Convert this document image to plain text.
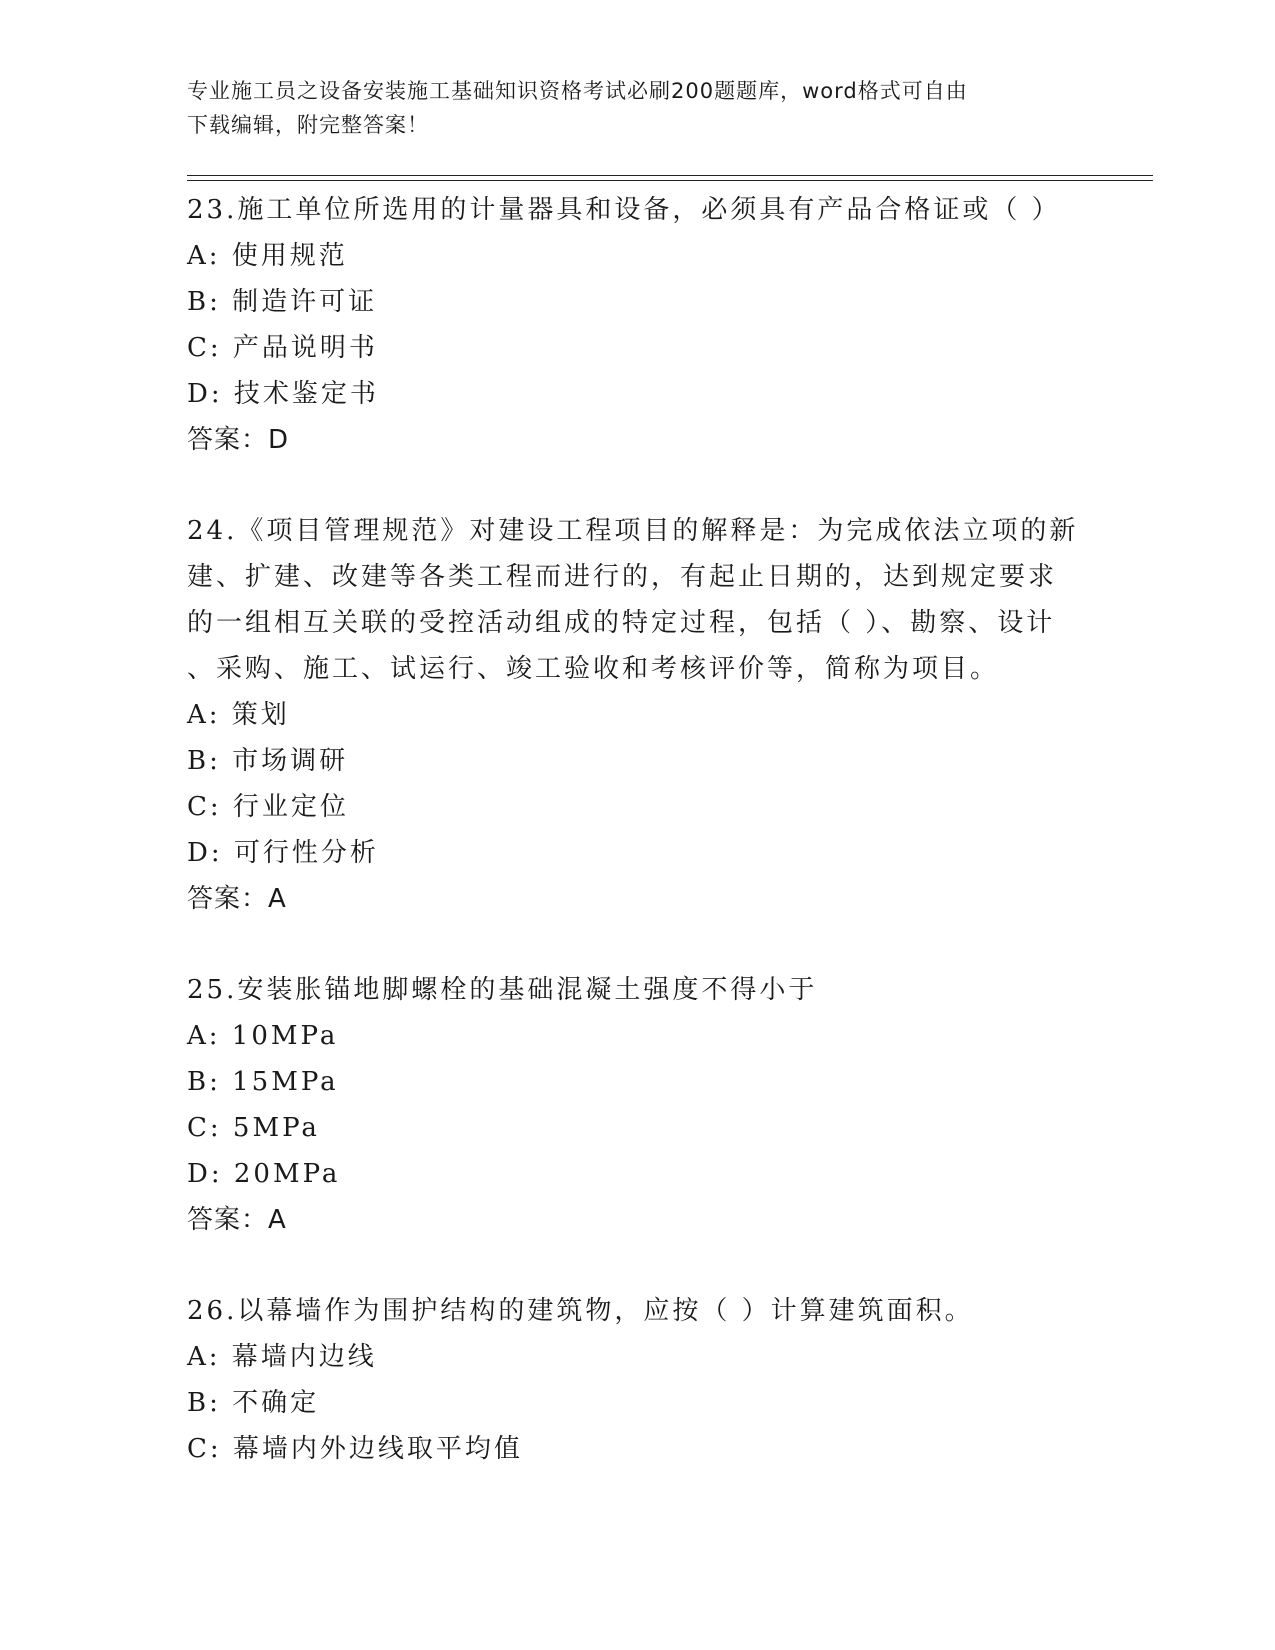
专业施工员之设备安装施工基础知识资格考试必刷200题题库，word格式可自由
下载编辑，附完整答案！
23.施工单位所选用的计量器具和设备，必须具有产品合格证或（ ）
A: 使用规范
B: 制造许可证
C: 产品说明书
D: 技术鉴定书
答案：D
24.《项目管理规范》对建设工程项目的解释是：为完成依法立项的新
建、扩建、改建等各类工程而进行的，有起止日期的，达到规定要求
的一组相互关联的受控活动组成的特定过程，包括（ ）、勘察、设计
、采购、施工、试运行、竣工验收和考核评价等，简称为项目。
A: 策划
B: 市场调研
C: 行业定位
D: 可行性分析
答案：A
25.安装胀锚地脚螺栓的基础混凝土强度不得小于
A: 10MPa
B: 15MPa
C: 5MPa
D: 20MPa
答案：A
26.以幕墙作为围护结构的建筑物，应按（ ）计算建筑面积。
A: 幕墙内边线
B: 不确定
C: 幕墙内外边线取平均值
